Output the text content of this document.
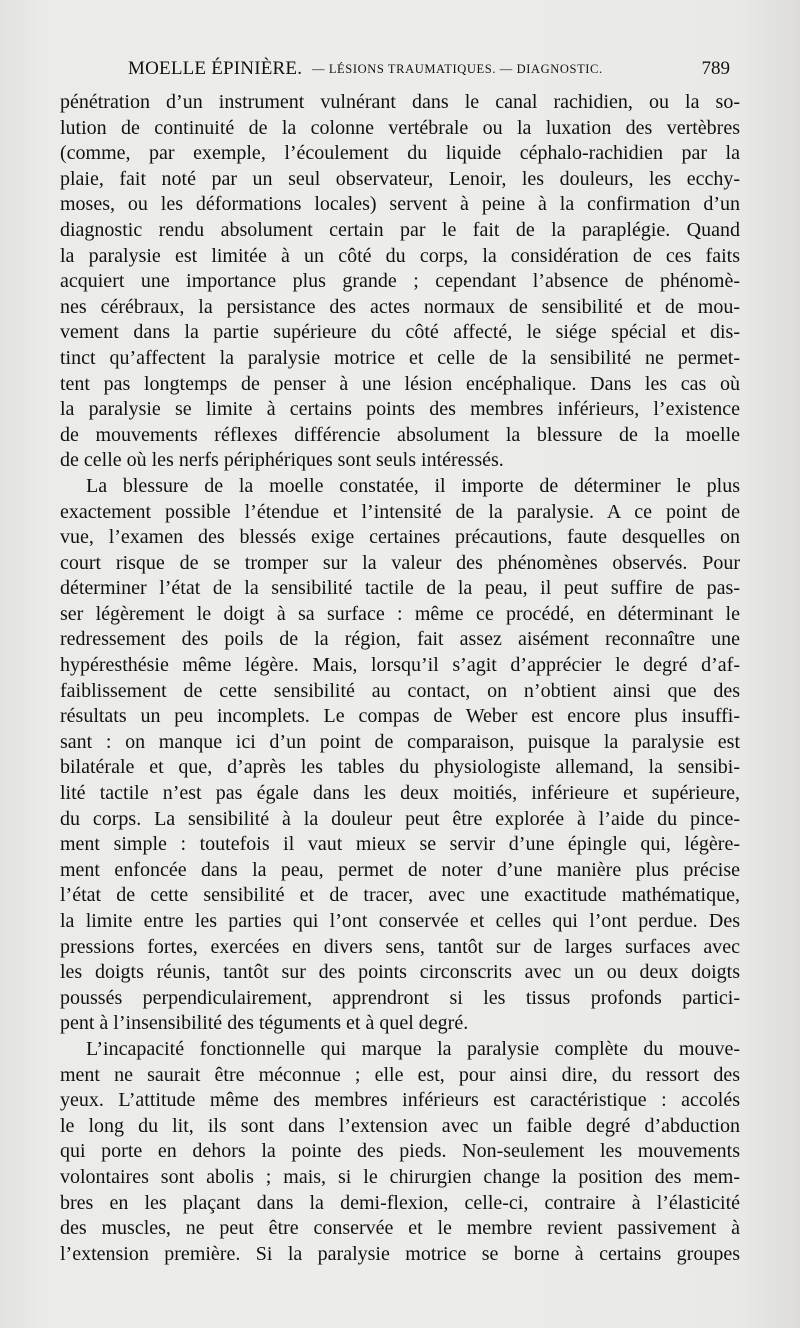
MOELLE ÉPINIÈRE. — LÉSIONS TRAUMATIQUES. — DIAGNOSTIC.	789
pénétration d’un instrument vulnérant dans le canal rachidien, ou la so-
lution de continuité de la colonne vertébrale ou la luxation des vertèbres
(comme, par exemple, l’écoulement du liquide céphalo-rachidien par la
plaie, fait noté par un seul observateur, Lenoir, les douleurs, les ecchy-
moses, ou les déformations locales) servent à peine à la confirmation d’un
diagnostic rendu absolument certain par le fait de la paraplégie. Quand
la paralysie est limitée à un côté du corps, la considération de ces faits
acquiert une importance plus grande ; cependant l’absence de phénomè-
nes cérébraux, la persistance des actes normaux de sensibilité et de mou-
vement dans la partie supérieure du côté affecté, le siége spécial et dis-
tinct qu’affectent la paralysie motrice et celle de la sensibilité ne permet-
tent pas longtemps de penser à une lésion encéphalique. Dans les cas où
la paralysie se limite à certains points des membres inférieurs, l’existence
de mouvements réflexes différencie absolument la blessure de la moelle
de celle où les nerfs périphériques sont seuls intéressés.
La blessure de la moelle constatée, il importe de déterminer le plus
exactement possible l’étendue et l’intensité de la paralysie. A ce point de
vue, l’examen des blessés exige certaines précautions, faute desquelles on
court risque de se tromper sur la valeur des phénomènes observés. Pour
déterminer l’état de la sensibilité tactile de la peau, il peut suffire de pas-
ser légèrement le doigt à sa surface : même ce procédé, en déterminant le
redressement des poils de la région, fait assez aisément reconnaître une
hypéresthésie même légère. Mais, lorsqu’il s’agit d’apprécier le degré d’af-
faiblissement de cette sensibilité au contact, on n’obtient ainsi que des
résultats un peu incomplets. Le compas de Weber est encore plus insuffi-
sant : on manque ici d’un point de comparaison, puisque la paralysie est
bilatérale et que, d’après les tables du physiologiste allemand, la sensibi-
lité tactile n’est pas égale dans les deux moitiés, inférieure et supérieure,
du corps. La sensibilité à la douleur peut être explorée à l’aide du pince-
ment simple : toutefois il vaut mieux se servir d’une épingle qui, légère-
ment enfoncée dans la peau, permet de noter d’une manière plus précise
l’état de cette sensibilité et de tracer, avec une exactitude mathématique,
la limite entre les parties qui l’ont conservée et celles qui l’ont perdue. Des
pressions fortes, exercées en divers sens, tantôt sur de larges surfaces avec
les doigts réunis, tantôt sur des points circonscrits avec un ou deux doigts
poussés perpendiculairement, apprendront si les tissus profonds partici-
pent à l’insensibilité des téguments et à quel degré.
L’incapacité fonctionnelle qui marque la paralysie complète du mouve-
ment ne saurait être méconnue ; elle est, pour ainsi dire, du ressort des
yeux. L’attitude même des membres inférieurs est caractéristique : accolés
le long du lit, ils sont dans l’extension avec un faible degré d’abduction
qui porte en dehors la pointe des pieds. Non-seulement les mouvements
volontaires sont abolis ; mais, si le chirurgien change la position des mem-
bres en les plaçant dans la demi-flexion, celle-ci, contraire à l’élasticité
des muscles, ne peut être conservée et le membre revient passivement à
l’extension première. Si la paralysie motrice se borne à certains groupes
